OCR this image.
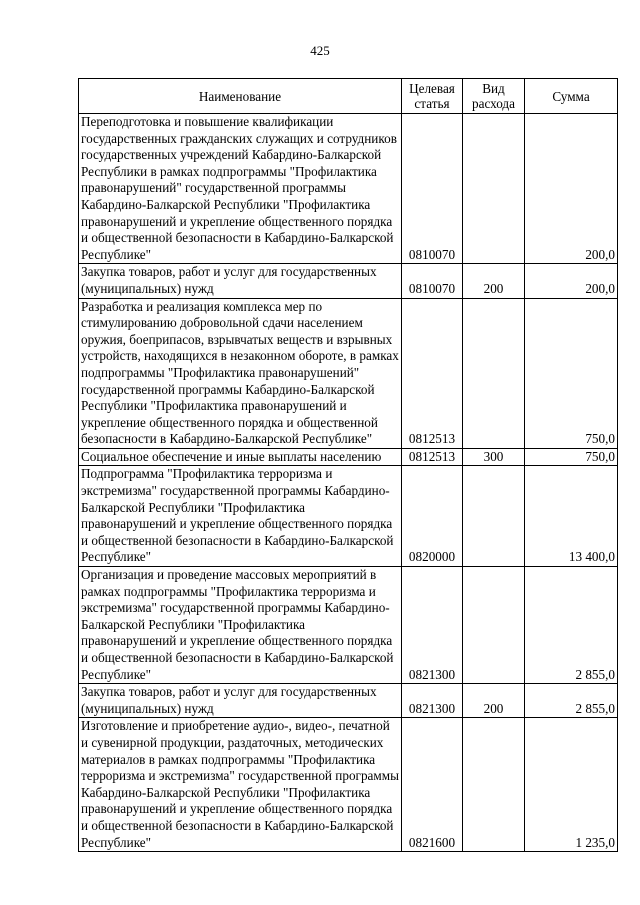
425
Наименование	Целевая статья	Вид расхода	Сумма
Переподготовка и повышение квалификации государственных гражданских служащих и сотрудников государственных учреждений Кабардино-Балкарской Республики в рамках подпрограммы "Профилактика правонарушений" государственной программы Кабардино-Балкарской Республики "Профилактика правонарушений и укрепление общественного порядка и общественной безопасности в Кабардино-Балкарской Республике"	0810070		200,0
Закупка товаров, работ и услуг для государственных (муниципальных) нужд	0810070	200	200,0
Разработка и реализация комплекса мер по стимулированию добровольной сдачи населением оружия, боеприпасов, взрывчатых веществ и взрывных устройств, находящихся в незаконном обороте, в рамках подпрограммы "Профилактика правонарушений" государственной программы Кабардино-Балкарской Республики "Профилактика правонарушений и укрепление общественного порядка и общественной безопасности в Кабардино-Балкарской Республике"	0812513		750,0
Социальное обеспечение и иные выплаты населению	0812513	300	750,0
Подпрограмма "Профилактика терроризма и экстремизма" государственной программы Кабардино-Балкарской Республики "Профилактика правонарушений и укрепление общественного порядка и общественной безопасности в Кабардино-Балкарской Республике"	0820000		13 400,0
Организация и проведение массовых мероприятий в рамках подпрограммы "Профилактика терроризма и экстремизма" государственной программы Кабардино-Балкарской Республики "Профилактика правонарушений и укрепление общественного порядка и общественной безопасности в Кабардино-Балкарской Республике"	0821300		2 855,0
Закупка товаров, работ и услуг для государственных (муниципальных) нужд	0821300	200	2 855,0
Изготовление и приобретение аудио-, видео-, печатной и сувенирной продукции, раздаточных, методических материалов в рамках подпрограммы "Профилактика терроризма и экстремизма" государственной программы Кабардино-Балкарской Республики "Профилактика правонарушений и укрепление общественного порядка и общественной безопасности в Кабардино-Балкарской Республике"	0821600		1 235,0
